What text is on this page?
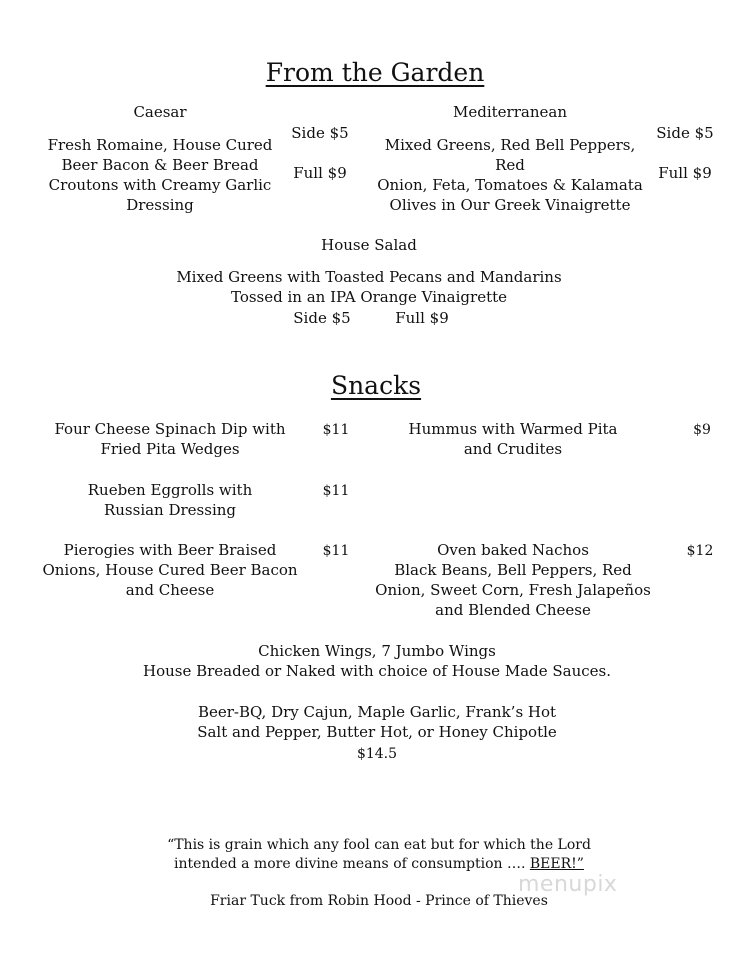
From the Garden
Caesar
Fresh Romaine, House Cured
Beer Bacon & Beer Bread
Croutons with Creamy Garlic
Dressing
Side $5
Full $9
Mediterranean
Mixed Greens, Red Bell Peppers, Red
Onion, Feta, Tomatoes & Kalamata
Olives in Our Greek Vinaigrette
Side $5
Full $9
House Salad
Mixed Greens with Toasted Pecans and Mandarins
Tossed in an IPA Orange Vinaigrette
Side $5	Full $9
Snacks
Four Cheese Spinach Dip with
Fried Pita Wedges
$11	Hummus with Warmed Pita
and Crudites
$9
Rueben Eggrolls with
Russian Dressing
$11
Pierogies with Beer Braised
Onions, House Cured Beer Bacon
and Cheese
$11	Oven baked Nachos
Black Beans, Bell Peppers, Red
Onion, Sweet Corn, Fresh Jalapeños
and Blended Cheese
$12
Chicken Wings, 7 Jumbo Wings
House Breaded or Naked with choice of House Made Sauces.
Beer-BQ, Dry Cajun, Maple Garlic, Frank’s Hot
Salt and Pepper, Butter Hot, or Honey Chipotle
$14.5
“This is grain which any fool can eat but for which the Lord
intended a more divine means of consumption …. BEER!”
Friar Tuck from Robin Hood - Prince of Thieves
menupix
